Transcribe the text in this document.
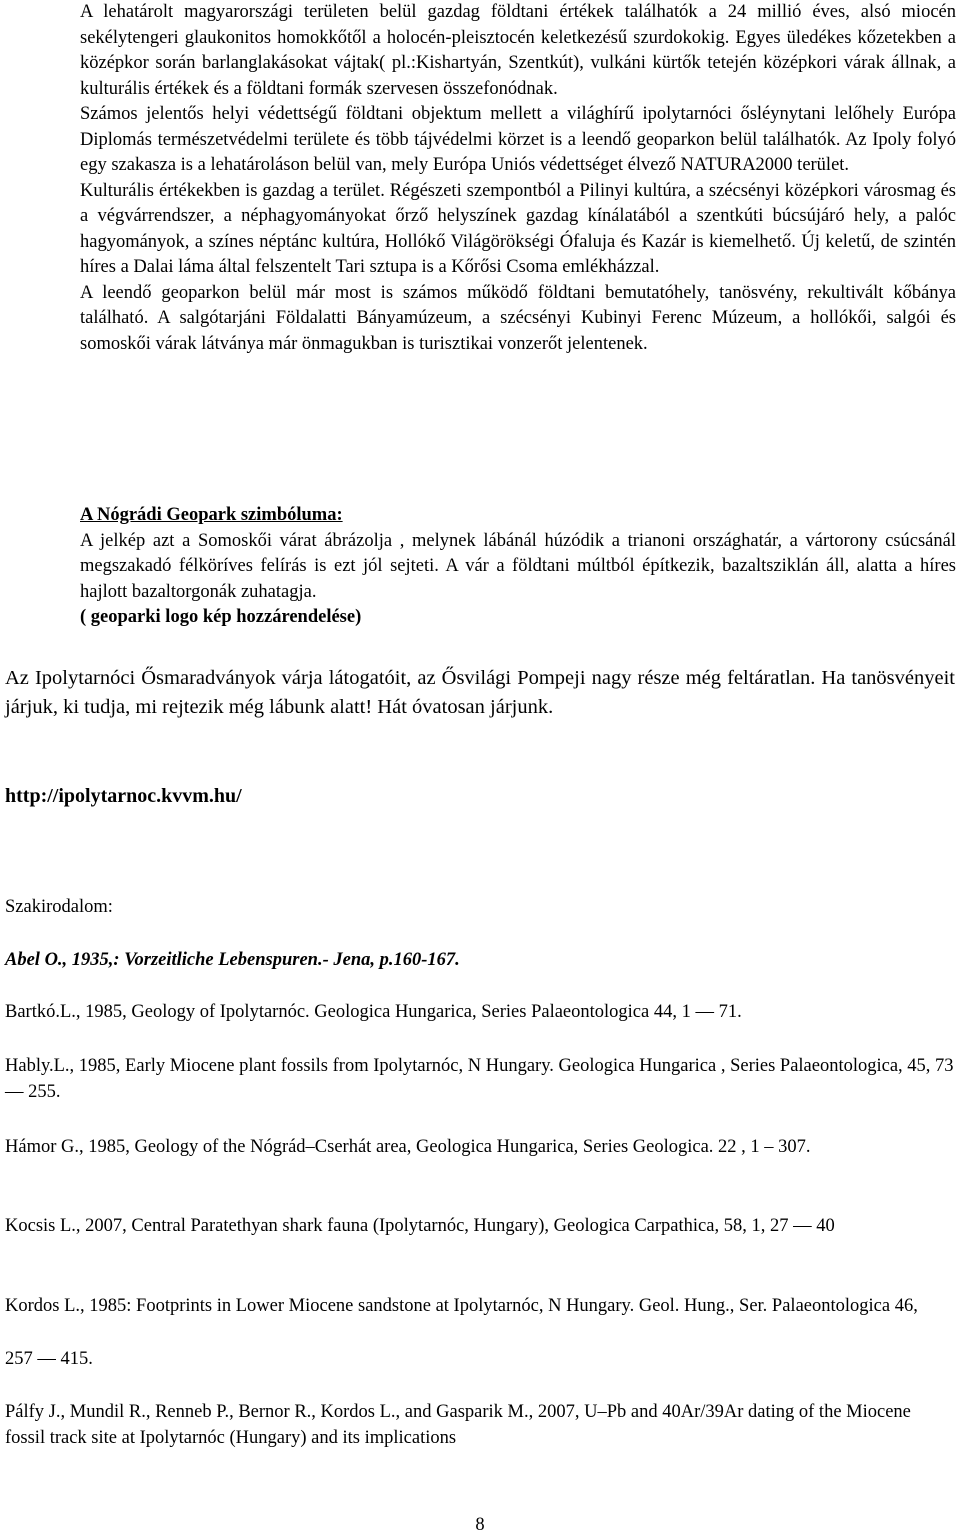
A lehatárolt magyarországi területen belül gazdag földtani értékek találhatók a 24 millió éves, alsó miocén sekélytengeri glaukonitos homokkőtől a holocén-pleisztocén keletkezésű szurdokokig. Egyes üledékes kőzetekben a középkor során barlanglakásokat vájtak( pl.:Kishartyán, Szentkút), vulkáni kürtők tetején középkori várak állnak, a kulturális értékek és a földtani formák szervesen összefonódnak.

Számos jelentős helyi védettségű földtani objektum mellett a világhírű ipolytarnóci ősléynytani lelőhely Európa Diplomás természetvédelmi területe és több tájvédelmi körzet is a leendő geoparkon belül találhatók. Az Ipoly folyó egy szakasza is a lehatároláson belül van, mely Európa Uniós védettséget élvező NATURA2000 terület.

Kulturális értékekben is gazdag a terület. Régészeti szempontból a Pilinyi kultúra, a szécsényi középkori városmag és a végvárrendszer, a néphagyományokat őrző helyszínek gazdag kínálatából a szentkúti búcsújáró hely, a palóc hagyományok, a színes néptánc kultúra, Hollókő Világörökségi Ófaluja és Kazár is kiemelhető. Új keletű, de szintén híres a Dalai láma által felszentelt Tari sztupa is a Kőrősi Csoma emlékházzal.

A leendő geoparkon belül már most is számos működő földtani bemutatóhely, tanösvény, rekultivált kőbánya található. A salgótarjáni Földalatti Bányamúzeum, a szécsényi Kubinyi Ferenc Múzeum, a hollókői, salgói és somoskői várak látványa már önmagukban is turisztikai vonzerőt jelentenek.

A Nógrádi Geopark szimbóluma:

A jelkép azt a Somoskői várat ábrázolja , melynek lábánál húzódik a trianoni országhatár, a vártorony csúcsánál megszakadó félköríves felírás is ezt jól sejteti. A vár a földtani múltból építkezik, bazaltsziklán áll, alatta a híres hajlott bazaltorgonák zuhatagja.

( geoparki logo kép hozzárendelése)

Az Ipolytarnóci Ősmaradványok várja látogatóit, az Ősvilági Pompeji nagy része még feltáratlan. Ha tanösvényeit járjuk, ki tudja, mi rejtezik még lábunk alatt! Hát óvatosan járjunk.

http://ipolytarnoc.kvvm.hu/

Szakirodalom:

Abel O., 1935,: Vorzeitliche Lebenspuren.- Jena, p.160-167.

Bartkó.L., 1985, Geology of Ipolytarnóc. Geologica Hungarica, Series Palaeontologica 44, 1 — 71.

Hably.L., 1985, Early Miocene plant fossils from Ipolytarnóc, N Hungary. Geologica Hungarica , Series Palaeontologica, 45, 73 — 255.

Hámor G., 1985, Geology of the Nógrád–Cserhát area, Geologica Hungarica, Series Geologica. 22 , 1 – 307.

Kocsis L., 2007, Central Paratethyan shark fauna (Ipolytarnóc, Hungary), Geologica Carpathica, 58, 1, 27 — 40

Kordos L., 1985: Footprints in Lower Miocene sandstone at Ipolytarnóc, N Hungary. Geol. Hung., Ser. Palaeontologica 46,

257 — 415.

Pálfy J., Mundil R., Renneb P., Bernor R., Kordos L., and Gasparik M., 2007, U–Pb and 40Ar/39Ar dating of the Miocene fossil track site at Ipolytarnóc (Hungary) and its implications

8
